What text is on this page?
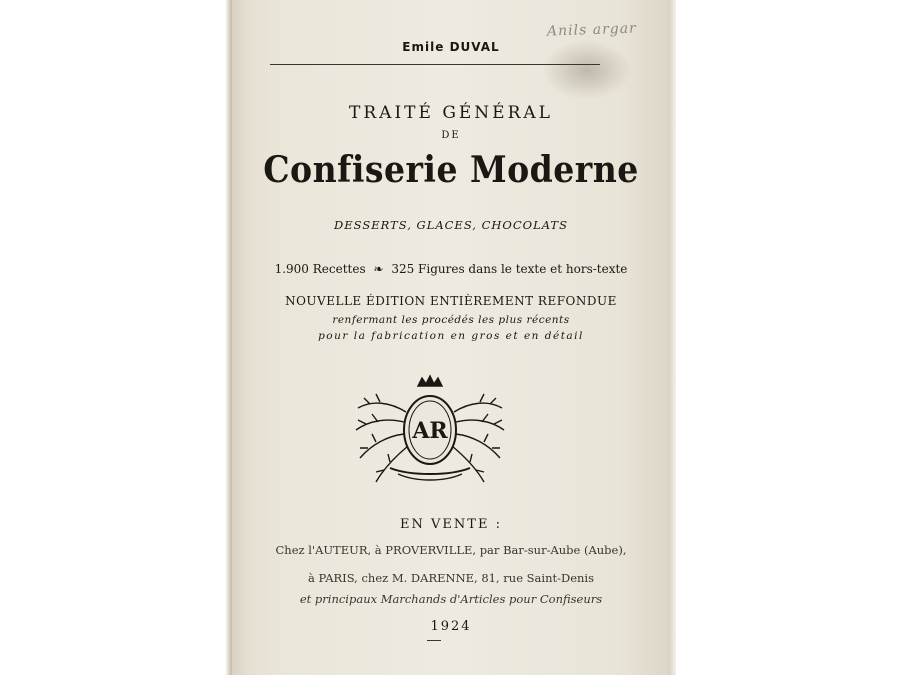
Anils argar
Emile DUVAL
TRAITÉ GÉNÉRAL
DE
Confiserie Moderne
DESSERTS, GLACES, CHOCOLATS
1.900 Recettes ❧ 325 Figures dans le texte et hors-texte
NOUVELLE ÉDITION ENTIÈREMENT REFONDUE
renfermant les procédés les plus récents
pour la fabrication en gros et en détail
AR
EN VENTE :
Chez l'AUTEUR, à PROVERVILLE, par Bar-sur-Aube (Aube),
à PARIS, chez M. DARENNE, 81, rue Saint-Denis
et principaux Marchands d'Articles pour Confiseurs
1924
